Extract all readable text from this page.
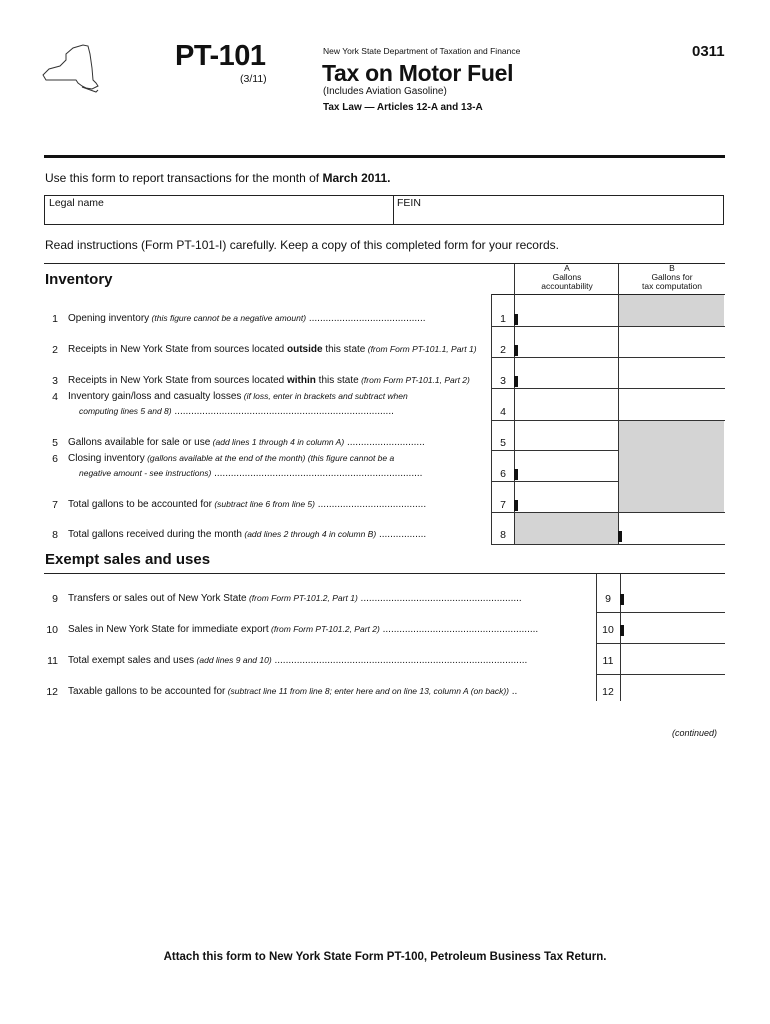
PT-101
(3/11)
New York State Department of Taxation and Finance
Tax on Motor Fuel
(Includes Aviation Gasoline)
Tax Law — Articles 12-A and 13-A
0311
Use this form to report transactions for the month of March 2011.
Legal name	FEIN
Read instructions (Form PT-101-I) carefully. Keep a copy of this completed form for your records.
Inventory
A
Gallons
accountability
B
Gallons for
tax computation
1 Opening inventory (this figure cannot be a negative amount) ..........................................	1
2 Receipts in New York State from sources located outside this state (from Form PT-101.1, Part 1)	2
3 Receipts in New York State from sources located within this state (from Form PT-101.1, Part 2)	3
4 Inventory gain/loss and casualty losses (if loss, enter in brackets and subtract when
computing lines 5 and 8) ...............................................................................	4
5 Gallons available for sale or use (add lines 1 through 4 in column A) ............................	5
6 Closing inventory (gallons available at the end of the month) (this figure cannot be a
negative amount - see instructions) ...........................................................................	6
7 Total gallons to be accounted for (subtract line 6 from line 5) .......................................	7
8 Total gallons received during the month (add lines 2 through 4 in column B) .................	8
Exempt sales and uses
9 Transfers or sales out of New York State (from Form PT-101.2, Part 1) ..........................................................	9
10 Sales in New York State for immediate export (from Form PT-101.2, Part 2) ........................................................	10
11 Total exempt sales and uses (add lines 9 and 10) ...........................................................................................	11
12 Taxable gallons to be accounted for (subtract line 11 from line 8; enter here and on line 13, column A (on back)) ..	12
(continued)
Attach this form to New York State Form PT-100, Petroleum Business Tax Return.
